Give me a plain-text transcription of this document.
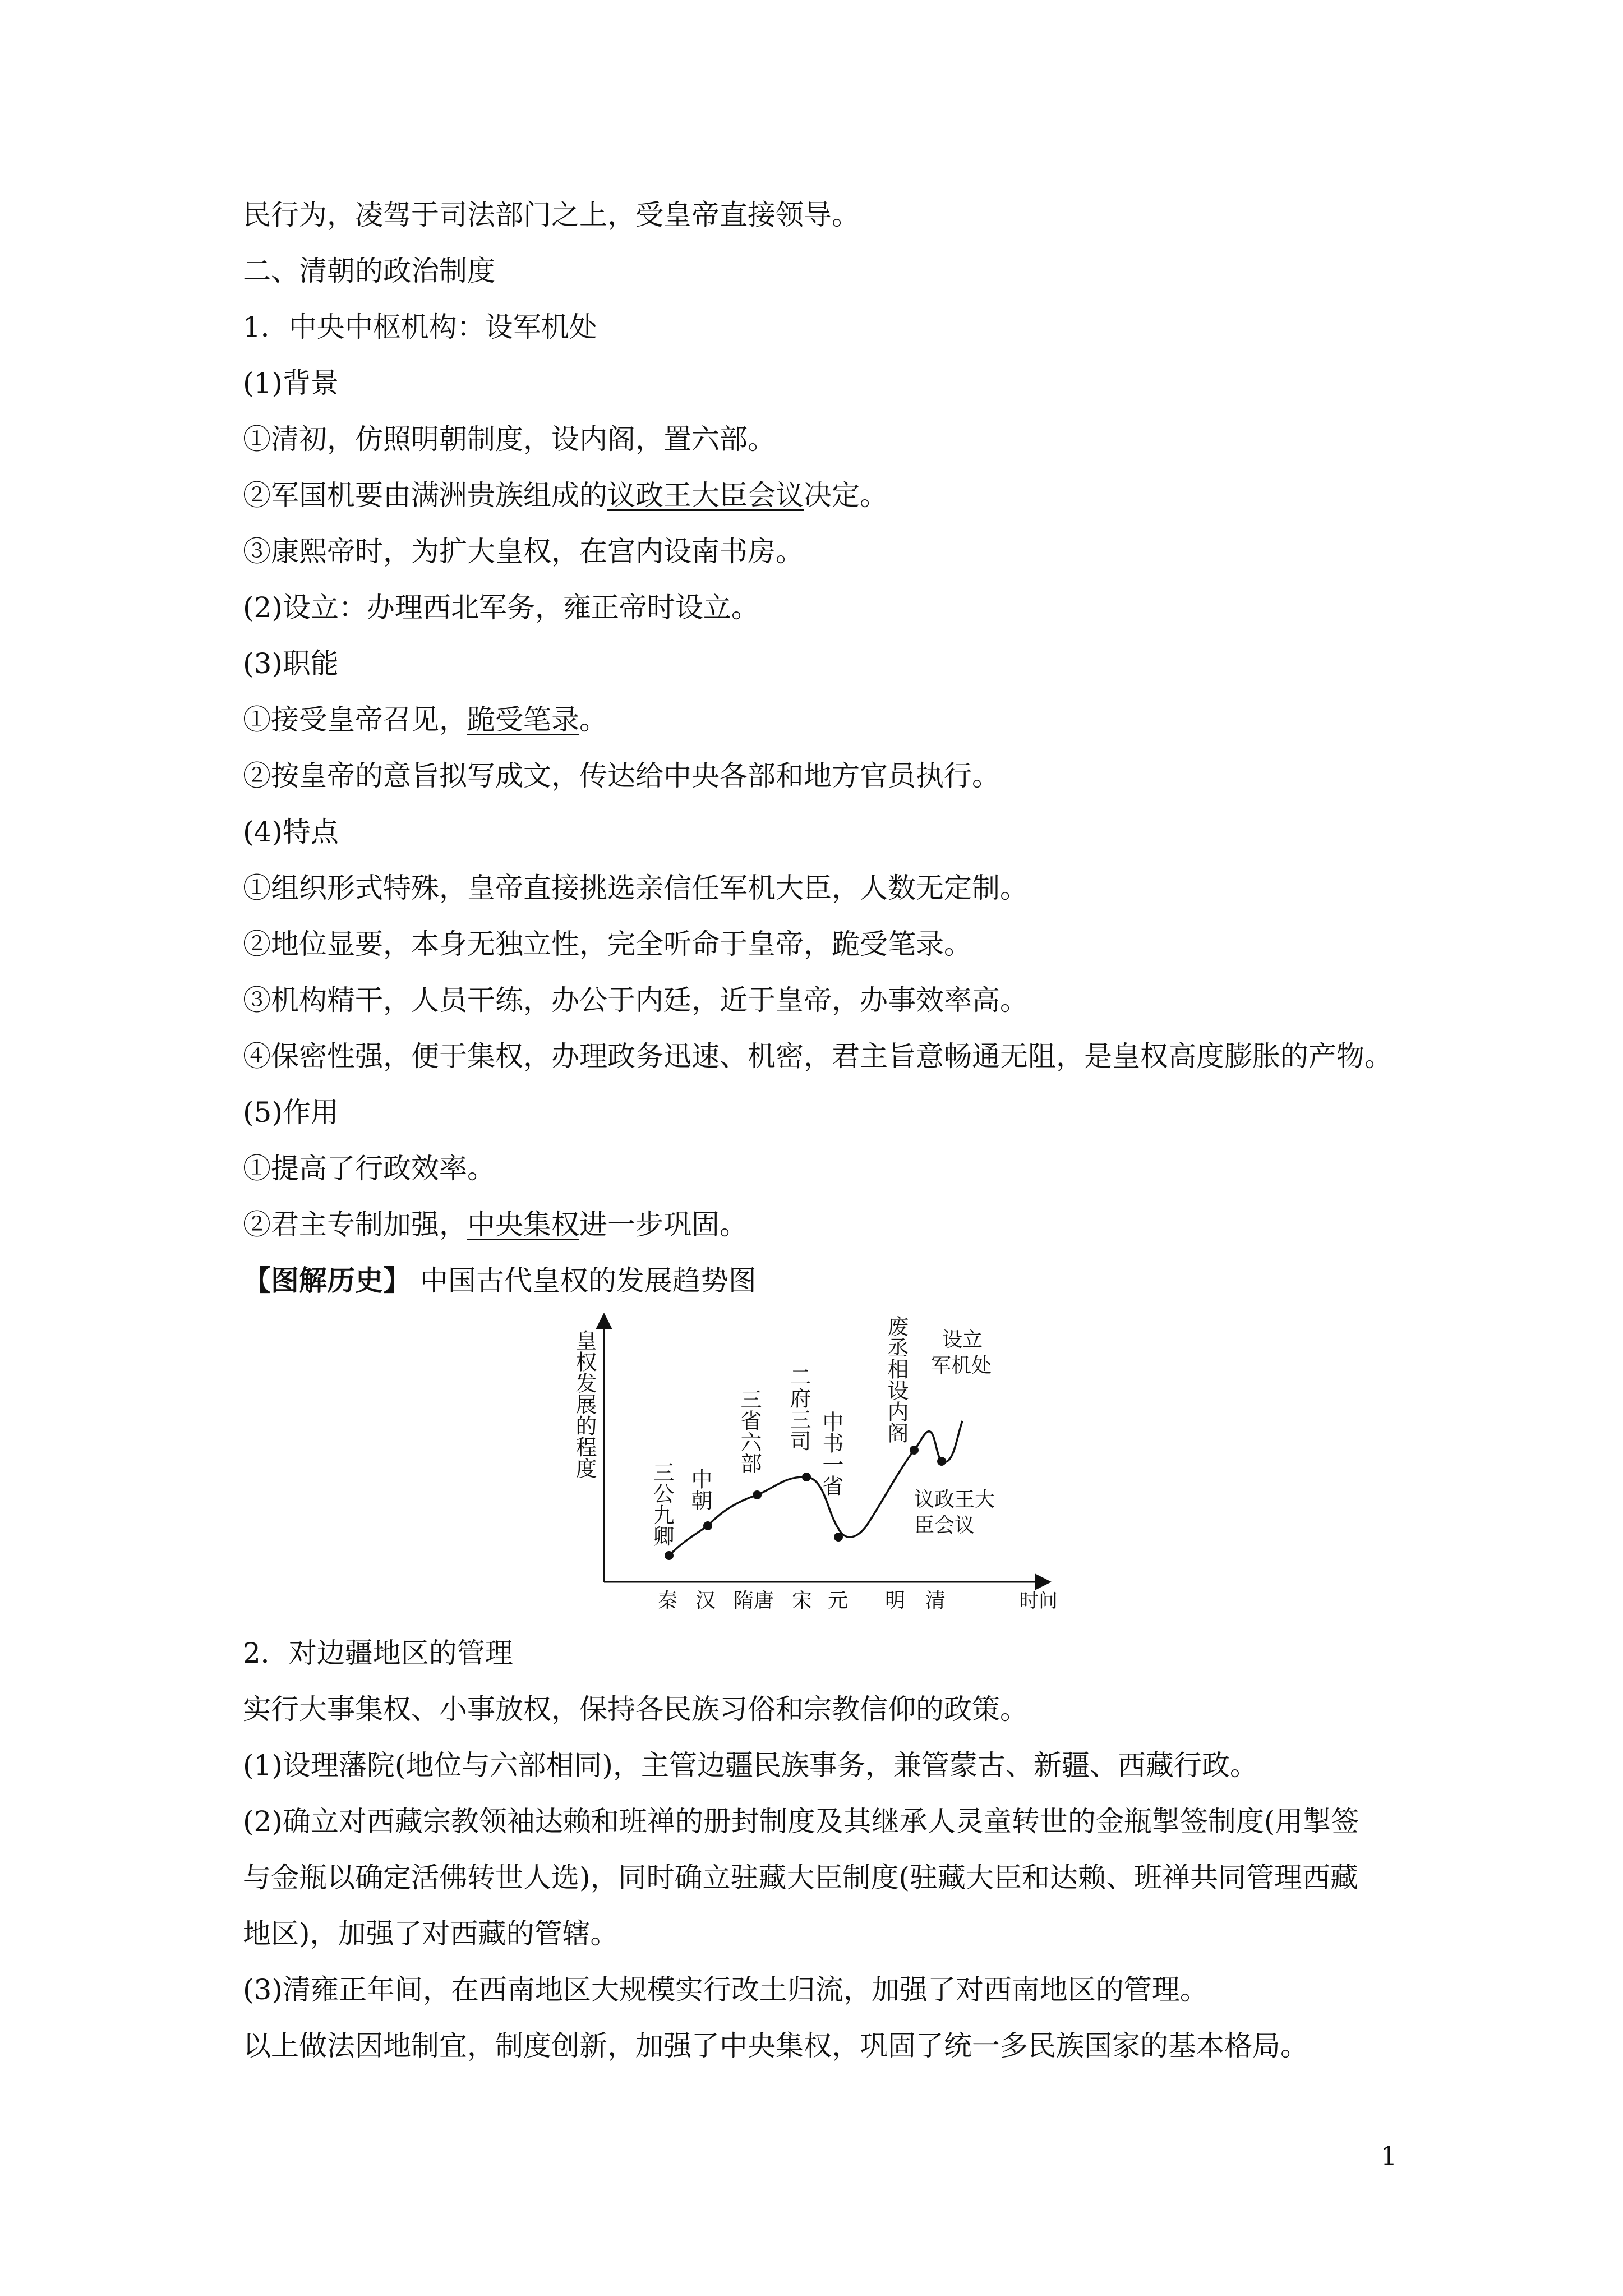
民行为，凌驾于司法部门之上，受皇帝直接领导。
二、清朝的政治制度
1．中央中枢机构：设军机处
(1)背景
①清初，仿照明朝制度，设内阁，置六部。
②军国机要由满洲贵族组成的议政王大臣会议决定。
③康熙帝时，为扩大皇权，在宫内设南书房。
(2)设立：办理西北军务，雍正帝时设立。
(3)职能
①接受皇帝召见，跪受笔录。
②按皇帝的意旨拟写成文，传达给中央各部和地方官员执行。
(4)特点
①组织形式特殊，皇帝直接挑选亲信任军机大臣，人数无定制。
②地位显要，本身无独立性，完全听命于皇帝，跪受笔录。
③机构精干，人员干练，办公于内廷，近于皇帝，办事效率高。
④保密性强，便于集权，办理政务迅速、机密，君主旨意畅通无阻，是皇权高度膨胀的产物。
(5)作用
①提高了行政效率。
②君主专制加强，中央集权进一步巩固。
【图解历史】 中国古代皇权的发展趋势图
皇权发展的程度
时间
三公九卿 中朝
三省六部 二府三司
中书一省
废丞相设内阁
议政王大臣会议
设立军机处
秦 汉 隋唐 宋 元 明 清
2．对边疆地区的管理
实行大事集权、小事放权，保持各民族习俗和宗教信仰的政策。
(1)设理藩院(地位与六部相同)，主管边疆民族事务，兼管蒙古、新疆、西藏行政。
(2)确立对西藏宗教领袖达赖和班禅的册封制度及其继承人灵童转世的金瓶掣签制度(用掣签
与金瓶以确定活佛转世人选)，同时确立驻藏大臣制度(驻藏大臣和达赖、班禅共同管理西藏
地区)，加强了对西藏的管辖。
(3)清雍正年间，在西南地区大规模实行改土归流，加强了对西南地区的管理。
以上做法因地制宜，制度创新，加强了中央集权，巩固了统一多民族国家的基本格局。
1
